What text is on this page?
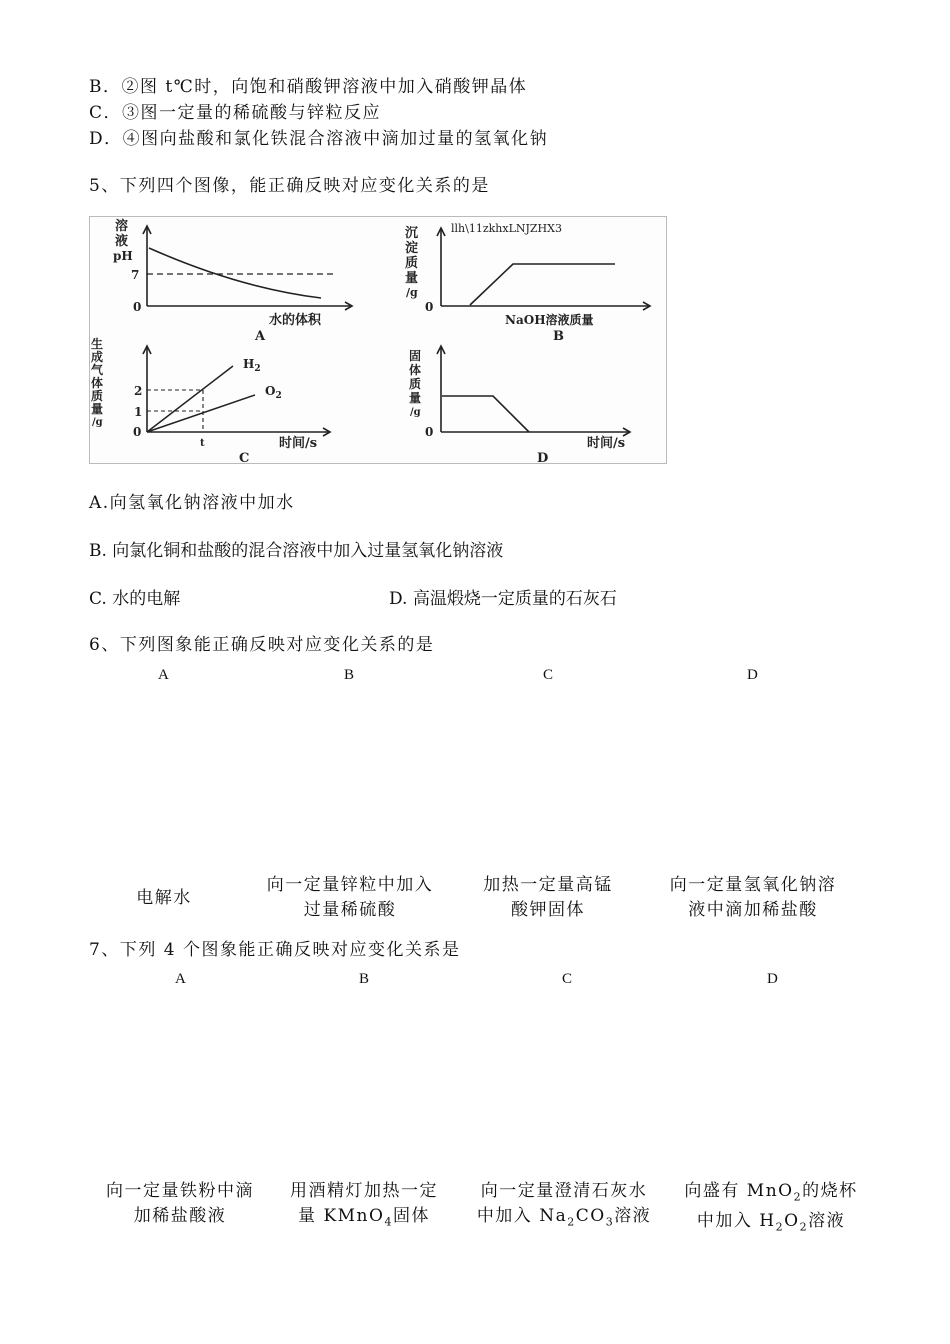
B．②图 t℃时，向饱和硝酸钾溶液中加入硝酸钾晶体
C．③图一定量的稀硫酸与锌粒反应
D．④图向盐酸和氯化铁混合溶液中滴加过量的氢氧化钠
5、下列四个图像，能正确反映对应变化关系的是
溶
液
pH
7
0
水的体积
A
llh\11zkhxLNJZHX3
沉
淀
质
量
/g
0
NaOH溶液质量
B
生
成
气
体
质
量
/g
2
1
0
t	时间/s
C
$H_2$
$O_2$
固
体
质
量
/g
0
时间/s
D
A.向氢氧化钠溶液中加水
B. 向氯化铜和盐酸的混合溶液中加入过量氢氧化钠溶液
C. 水的电解	D. 高温煅烧一定质量的石灰石
6、下列图象能正确反映对应变化关系的是
A	B	C	D
电解水
向一定量锌粒中加入
过量稀硫酸
加热一定量高锰
酸钾固体
向一定量氢氧化钠溶
液中滴加稀盐酸
7、下列 4 个图象能正确反映对应变化关系是
A	B	C	D
向一定量铁粉中滴
加稀盐酸液
用酒精灯加热一定
量 KMnO$_4$固体
向一定量澄清石灰水
中加入 $Na_2CO_3$溶液
向盛有 MnO$_2$的烧杯
中加入 $H_2O_2$溶液
